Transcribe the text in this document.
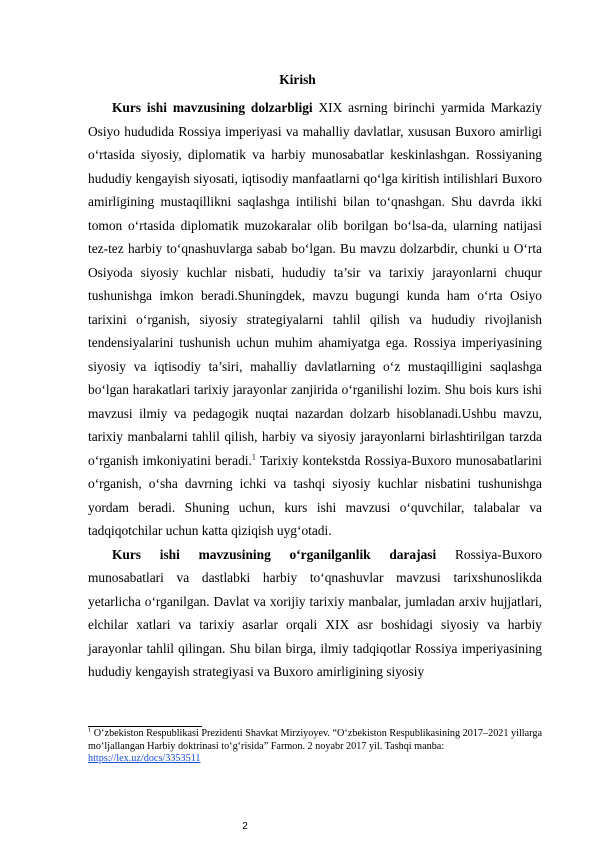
Kirish

Kurs ishi mavzusining dolzarbligi XIX asrning birinchi yarmida Markaziy Osiyo hududida Rossiya imperiyasi va mahalliy davlatlar, xususan Buxoro amirligi o‘rtasida siyosiy, diplomatik va harbiy munosabatlar keskinlashgan. Rossiyaning hududiy kengayish siyosati, iqtisodiy manfaatlarni qo‘lga kiritish intilishlari Buxoro amirligining mustaqillikni saqlashga intilishi bilan to‘qnashgan. Shu davrda ikki tomon o‘rtasida diplomatik muzokaralar olib borilgan bo‘lsa-da, ularning natijasi tez-tez harbiy to‘qnashuvlarga sabab bo‘lgan. Bu mavzu dolzarbdir, chunki u O‘rta Osiyoda siyosiy kuchlar nisbati, hududiy ta’sir va tarixiy jarayonlarni chuqur tushunishga imkon beradi.Shuningdek, mavzu bugungi kunda ham o‘rta Osiyo tarixini o‘rganish, siyosiy strategiyalarni tahlil qilish va hududiy rivojlanish tendensiyalarini tushunish uchun muhim ahamiyatga ega. Rossiya imperiyasining siyosiy va iqtisodiy ta’siri, mahalliy davlatlarning o‘z mustaqilligini saqlashga bo‘lgan harakatlari tarixiy jarayonlar zanjirida o‘rganilishi lozim. Shu bois kurs ishi mavzusi ilmiy va pedagogik nuqtai nazardan dolzarb hisoblanadi.Ushbu mavzu, tarixiy manbalarni tahlil qilish, harbiy va siyosiy jarayonlarni birlashtirilgan tarzda o‘rganish imkoniyatini beradi.$^1$ Tarixiy kontekstda Rossiya-Buxoro munosabatlarini o‘rganish, o‘sha davrning ichki va tashqi siyosiy kuchlar nisbatini tushunishga yordam beradi. Shuning uchun, kurs ishi mavzusi o‘quvchilar, talabalar va tadqiqotchilar uchun katta qiziqish uyg‘otadi.

Kurs ishi mavzusining o‘rganilganlik darajasi Rossiya-Buxoro munosabatlari va dastlabki harbiy to‘qnashuvlar mavzusi tarixshunoslikda yetarlicha o‘rganilgan. Davlat va xorijiy tarixiy manbalar, jumladan arxiv hujjatlari, elchilar xatlari va tarixiy asarlar orqali XIX asr boshidagi siyosiy va harbiy jarayonlar tahlil qilingan. Shu bilan birga, ilmiy tadqiqotlar Rossiya imperiyasining hududiy kengayish strategiyasi va Buxoro amirligining siyosiy

$^1$ O‘zbekiston Respublikasi Prezidenti Shavkat Mirziyoyev. “O‘zbekiston Respublikasining 2017–2021 yillarga mo‘ljallangan Harbiy doktrinasi to‘g‘risida” Farmon. 2 noyabr 2017 yil. Tashqi manba: https://lex.uz/docs/3353511
2
